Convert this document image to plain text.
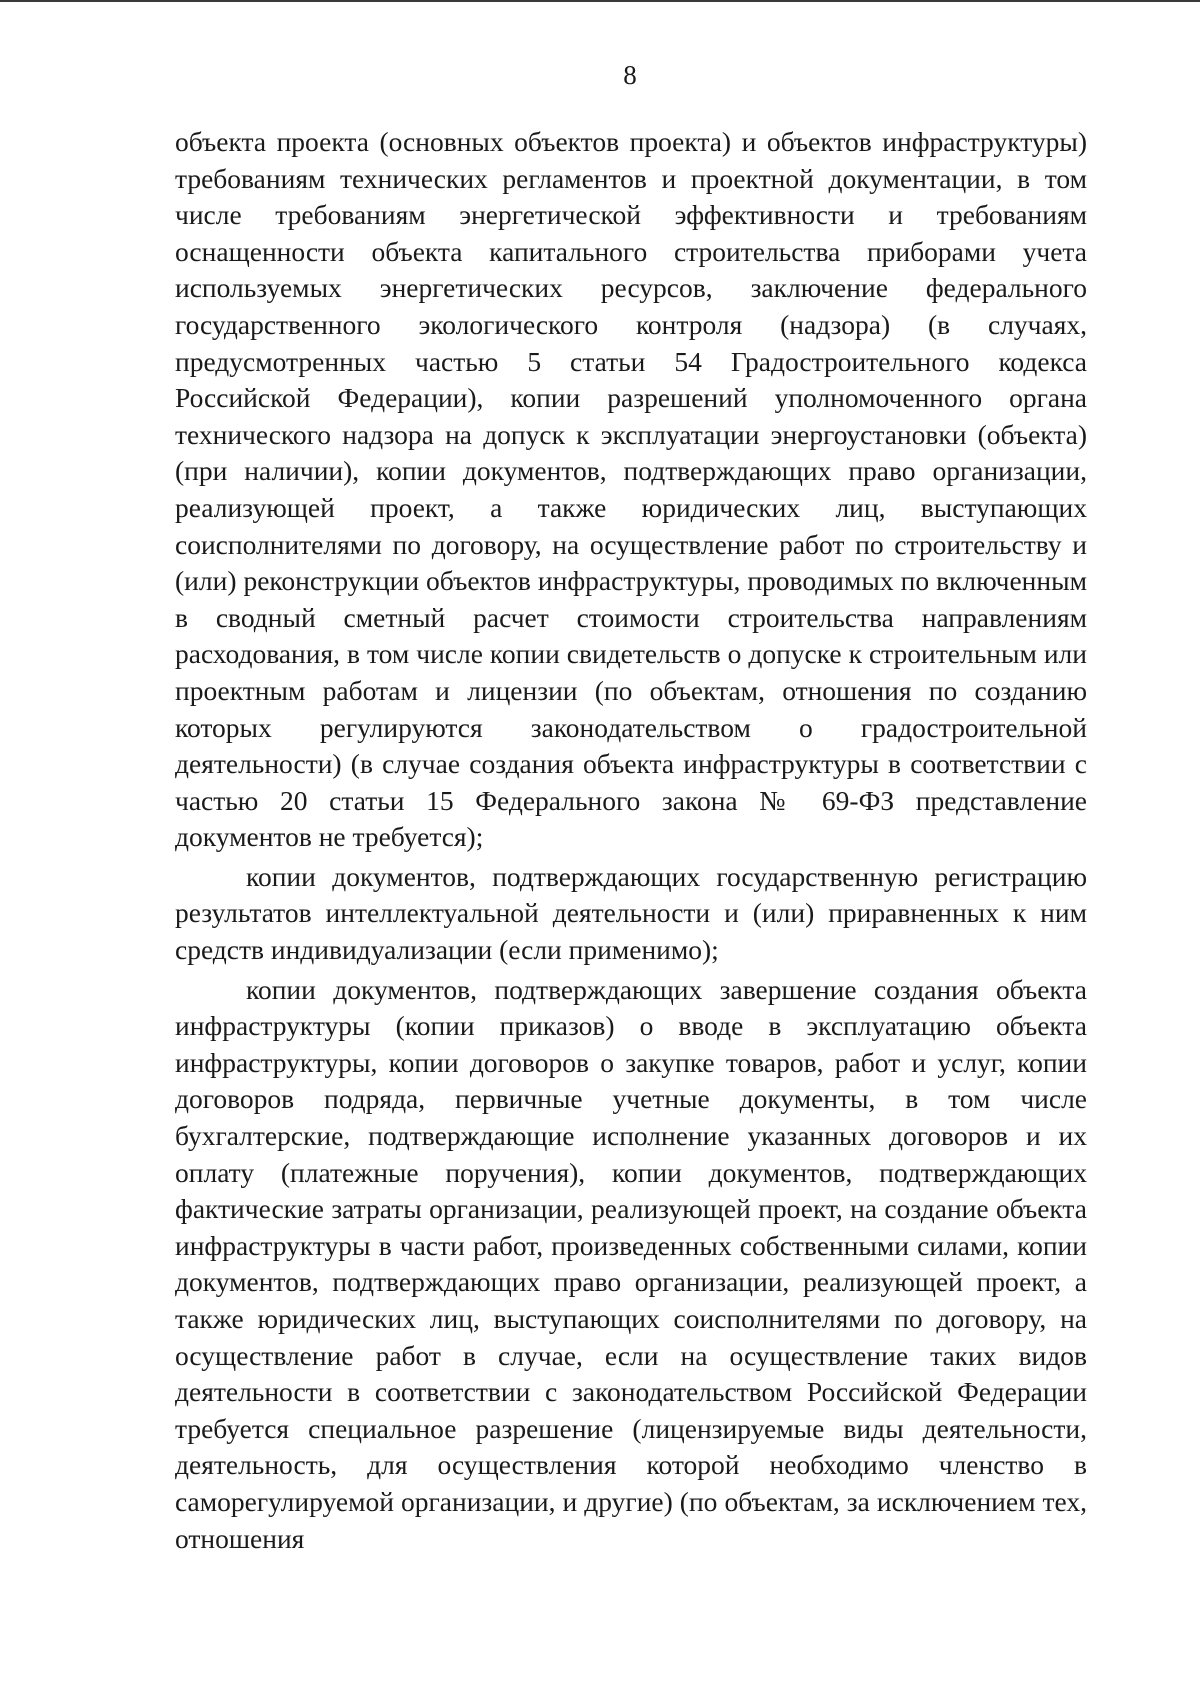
8

объекта проекта (основных объектов проекта) и объектов инфраструктуры) требованиям технических регламентов и проектной документации, в том числе требованиям энергетической эффективности и требованиям оснащенности объекта капитального строительства приборами учета используемых энергетических ресурсов, заключение федерального государственного экологического контроля (надзора) (в случаях, предусмотренных частью 5 статьи 54 Градостроительного кодекса Российской Федерации), копии разрешений уполномоченного органа технического надзора на допуск к эксплуатации энергоустановки (объекта) (при наличии), копии документов, подтверждающих право организации, реализующей проект, а также юридических лиц, выступающих соисполнителями по договору, на осуществление работ по строительству и (или) реконструкции объектов инфраструктуры, проводимых по включенным в сводный сметный расчет стоимости строительства направлениям расходования, в том числе копии свидетельств о допуске к строительным или проектным работам и лицензии (по объектам, отношения по созданию которых регулируются законодательством о градостроительной деятельности) (в случае создания объекта инфраструктуры в соответствии с частью 20 статьи 15 Федерального закона № 69-ФЗ представление документов не требуется);

копии документов, подтверждающих государственную регистрацию результатов интеллектуальной деятельности и (или) приравненных к ним средств индивидуализации (если применимо);

копии документов, подтверждающих завершение создания объекта инфраструктуры (копии приказов) о вводе в эксплуатацию объекта инфраструктуры, копии договоров о закупке товаров, работ и услуг, копии договоров подряда, первичные учетные документы, в том числе бухгалтерские, подтверждающие исполнение указанных договоров и их оплату (платежные поручения), копии документов, подтверждающих фактические затраты организации, реализующей проект, на создание объекта инфраструктуры в части работ, произведенных собственными силами, копии документов, подтверждающих право организации, реализующей проект, а также юридических лиц, выступающих соисполнителями по договору, на осуществление работ в случае, если на осуществление таких видов деятельности в соответствии с законодательством Российской Федерации требуется специальное разрешение (лицензируемые виды деятельности, деятельность, для осуществления которой необходимо членство в саморегулируемой организации, и другие) (по объектам, за исключением тех, отношения
